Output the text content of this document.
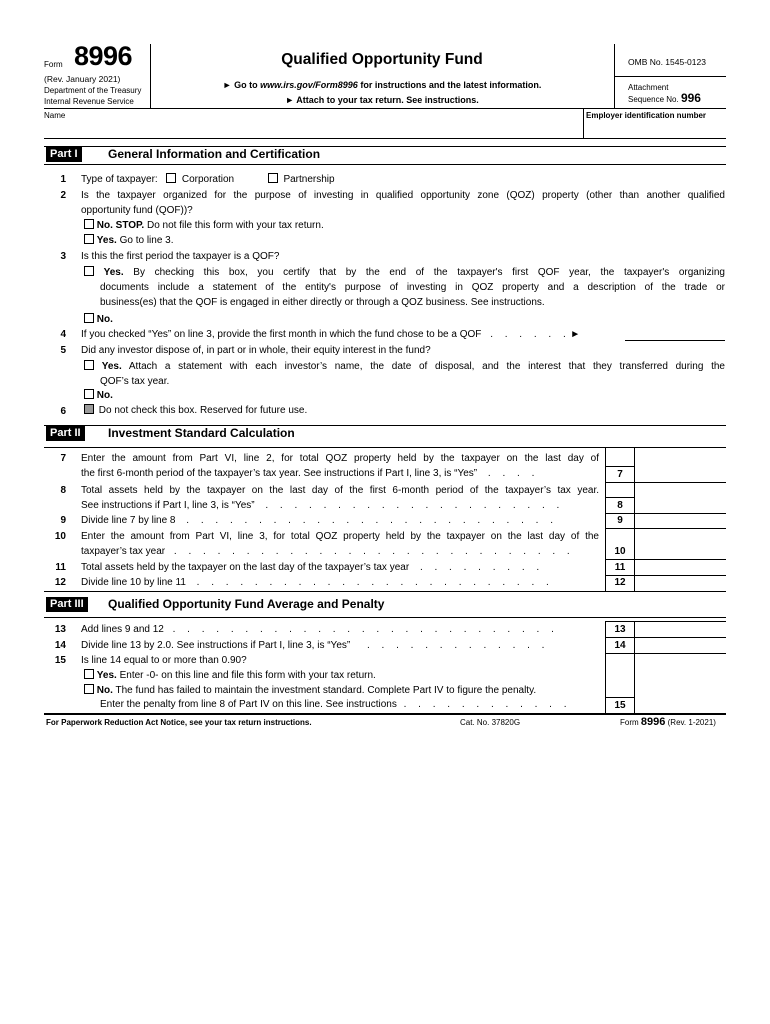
Form 8996
(Rev. January 2021)
Department of the Treasury
Internal Revenue Service
Qualified Opportunity Fund
► Go to www.irs.gov/Form8996 for instructions and the latest information.
► Attach to your tax return. See instructions.
OMB No. 1545-0123
Attachment
Sequence No. 996
Name	Employer identification number
Part I	General Information and Certification
1 Type of taxpayer: Corporation	Partnership
2 Is the taxpayer organized for the purpose of investing in qualified opportunity zone (QOZ) property (other than another qualified
opportunity fund (QOF))?
No. STOP. Do not file this form with your tax return.
Yes. Go to line 3.
3 Is this the first period the taxpayer is a QOF?
Yes. By checking this box, you certify that by the end of the taxpayer's first QOF year, the taxpayer's organizing
documents include a statement of the entity's purpose of investing in QOZ property and a description of the trade or
business(es) that the QOF is engaged in either directly or through a QOZ business. See instructions.
No.
4 If you checked “Yes” on line 3, provide the first month in which the fund chose to be a QOF . . . . . .►
5 Did any investor dispose of, in part or in whole, their equity interest in the fund?
Yes. Attach a statement with each investor’s name, the date of disposal, and the interest that they transferred during the
QOF’s tax year.
No.
6	Do not check this box. Reserved for future use.
Part II	Investment Standard Calculation
7 Enter the amount from Part VI, line 2, for total QOZ property held by the taxpayer on the last day of
the first 6-month period of the taxpayer’s tax year. See instructions if Part I, line 3, is “Yes” . . . .	7
8 Total assets held by the taxpayer on the last day of the first 6-month period of the taxpayer’s tax year.
See instructions if Part I, line 3, is “Yes” . . . . . . . . . . . . . . . . . . . . .	8
9 Divide line 7 by line 8 . . . . . . . . . . . . . . . . . . . . . . . . . .	9
10 Enter the amount from Part VI, line 3, for total QOZ property held by the taxpayer on the last day of the
taxpayer’s tax year . . . . . . . . . . . . . . . . . . . . . . . . . . . .	10
11 Total assets held by the taxpayer on the last day of the taxpayer’s tax year . . . . . . . . .	11
12 Divide line 10 by line 11 . . . . . . . . . . . . . . . . . . . . . . . . .	12
Part III	Qualified Opportunity Fund Average and Penalty
13 Add lines 9 and 12 . . . . . . . . . . . . . . . . . . . . . . . . . . .	13
14 Divide line 13 by 2.0. See instructions if Part I, line 3, is “Yes” . . . . . . . . . . . . .	14
15 Is line 14 equal to or more than 0.90?
Yes. Enter -0- on this line and file this form with your tax return.
No. The fund has failed to maintain the investment standard. Complete Part IV to figure the penalty.
Enter the penalty from line 8 of Part IV on this line. See instructions . . . . . . . . . . . .	15
For Paperwork Reduction Act Notice, see your tax return instructions.	Cat. No. 37820G	Form 8996 (Rev. 1-2021)
